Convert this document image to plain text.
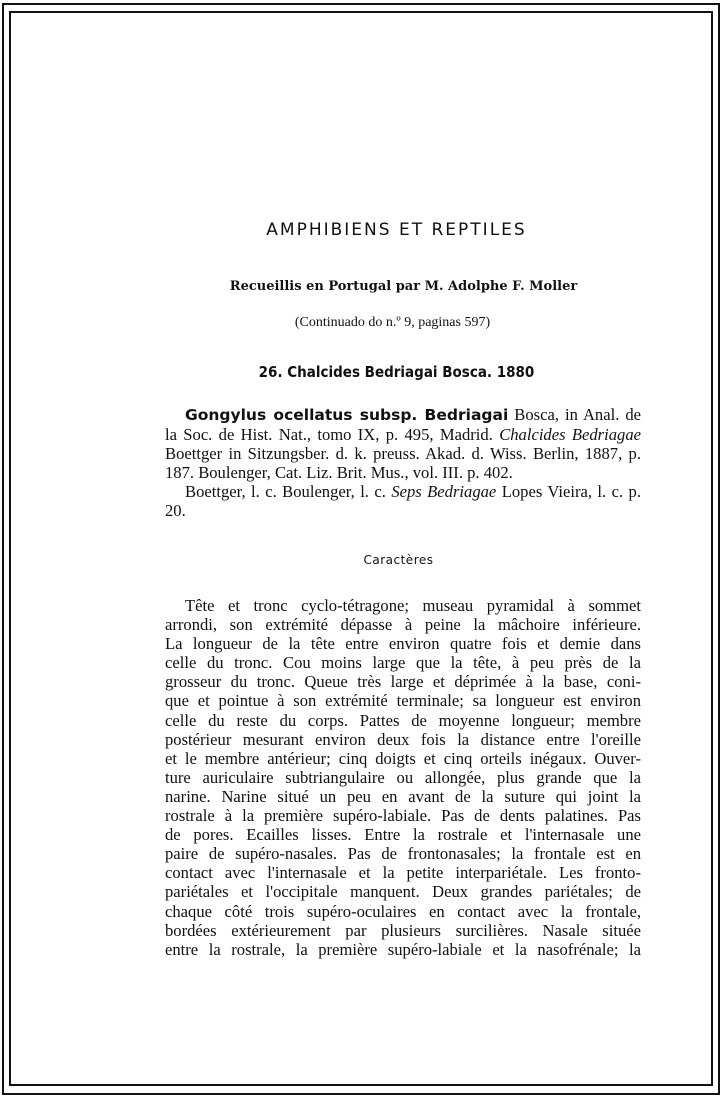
AMPHIBIENS ET REPTILES
Recueillis en Portugal par M. Adolphe F. Moller
(Continuado do n.º 9, paginas 597)
26. Chalcides Bedriagai Bosca. 1880

Gongylus ocellatus subsp. Bedriagai Bosca, in Anal. de la Soc. de Hist. Nat., tomo IX, p. 495, Madrid. Chalcides Bedriagae Boettger in Sitzungsber. d. k. preuss. Akad. d. Wiss. Berlin, 1887, p. 187. Boulenger, Cat. Liz. Brit. Mus., vol. III. p. 402.

Boettger, l. c. Boulenger, l. c. Seps Bedriagae Lopes Vieira, l. c. p. 20.

Caractères
Tête et tronc cyclo-tétragone; museau pyramidal à sommet
arrondi, son extrémité dépasse à peine la mâchoire inférieure.
La longueur de la tête entre environ quatre fois et demie dans
celle du tronc. Cou moins large que la tête, à peu près de la
grosseur du tronc. Queue très large et déprimée à la base, coni-
que et pointue à son extrémité terminale; sa longueur est environ
celle du reste du corps. Pattes de moyenne longueur; membre
postérieur mesurant environ deux fois la distance entre l'oreille
et le membre antérieur; cinq doigts et cinq orteils inégaux. Ouver-
ture auriculaire subtriangulaire ou allongée, plus grande que la
narine. Narine situé un peu en avant de la suture qui joint la
rostrale à la première supéro-labiale. Pas de dents palatines. Pas
de pores. Ecailles lisses. Entre la rostrale et l'internasale une
paire de supéro-nasales. Pas de frontonasales; la frontale est en
contact avec l'internasale et la petite interpariétale. Les fronto-
pariétales et l'occipitale manquent. Deux grandes pariétales; de
chaque côté trois supéro-oculaires en contact avec la frontale,
bordées extérieurement par plusieurs surcilières. Nasale située
entre la rostrale, la première supéro-labiale et la nasofrénale; la
